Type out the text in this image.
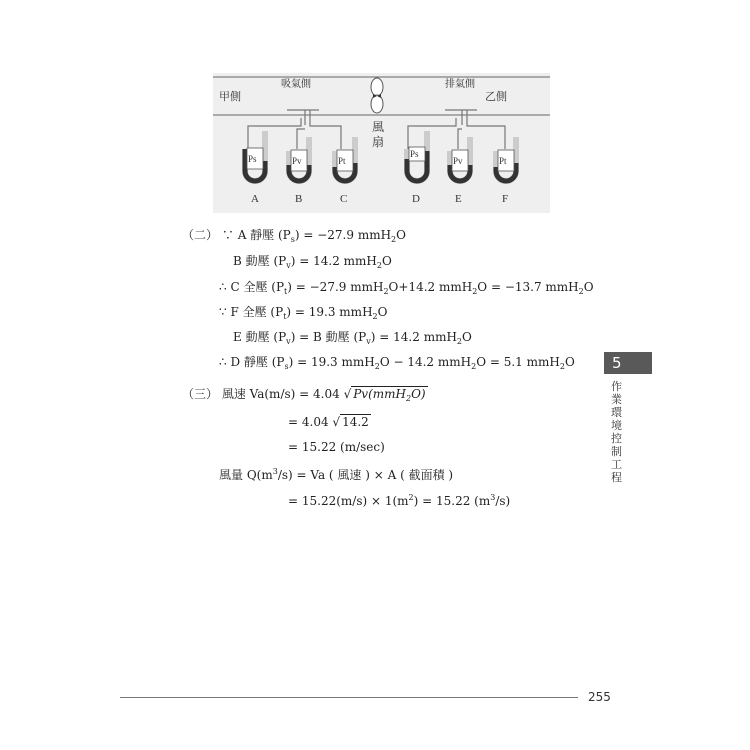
甲側
吸氣側
風
扇
排氣側
乙側
Ps	Pv	Pt
Ps
Pv	Pt
A	B	C	D	E	F
（二） ∵ A 靜壓 $(P_s) = -27.9$ mmH$_2$O
B 動壓 $(P_v) = 14.2$ mmH$_2$O
∴ C 全壓 $(P_t) = -27.9$ mmH$_2$O+14.2 mmH$_2$O = −13.7 mmH$_2$O
∵ F 全壓 $(P_t) = 19.3$ mmH$_2$O
E 動壓 $(P_v) = B$ 動壓 $(P_v) = 14.2$ mmH$_2$O
∴ D 靜壓 $(P_s) = 19.3$ mmH$_2$O − 14.2 mmH$_2$O = 5.1 mmH$_2$O
（三） 風速 Va(m/s) = 4.04 √ Pv(mmH$_2$O)
= 4.04 √ 14.2
= 15.22 (m/sec)
風量 $Q(m^3/s) = Va$ ( 風速 ) × A ( 截面積 )
= $15.22(m/s) \times 1(m^2) = 15.22$ $(m^3/s)$
5
作業環境控制工程
255
